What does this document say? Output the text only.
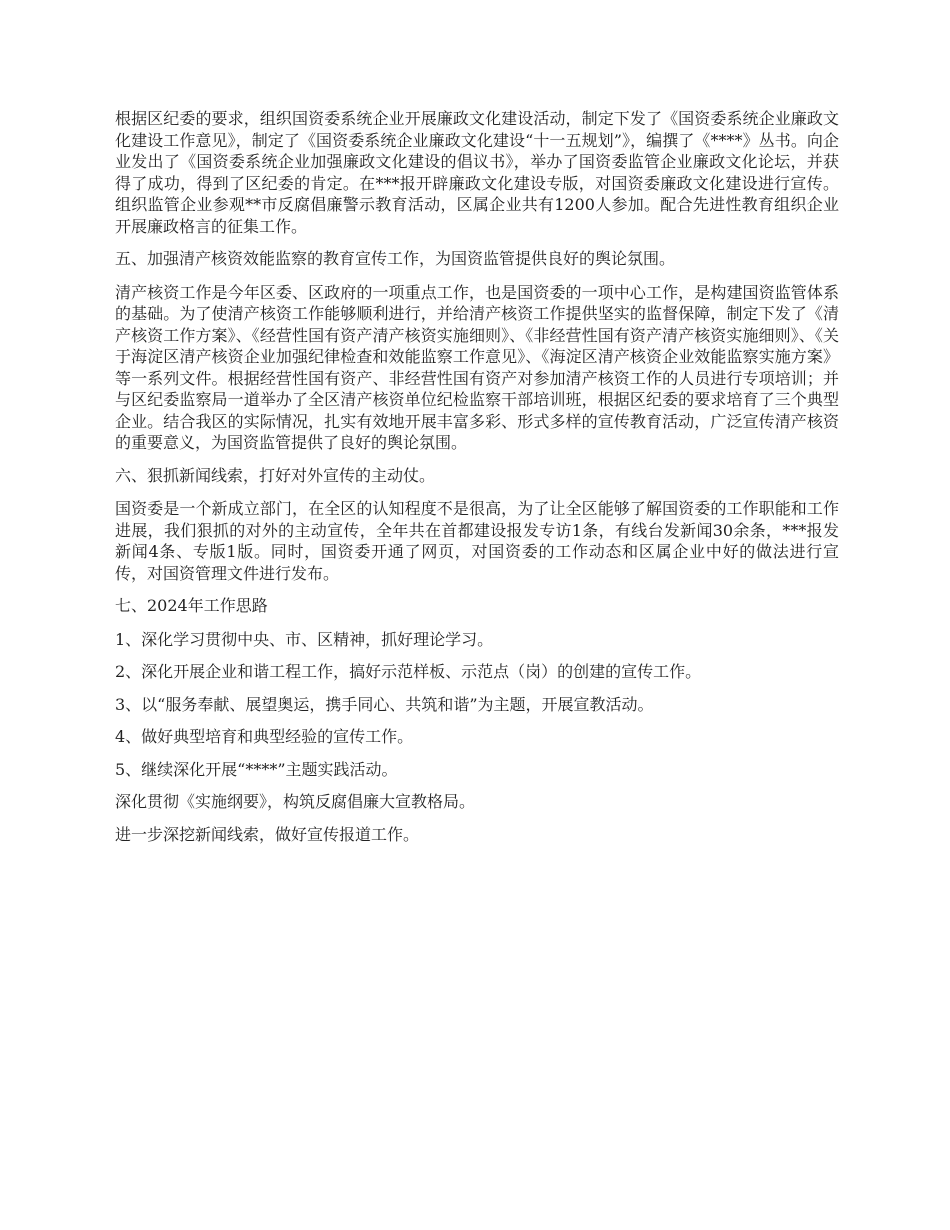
根据区纪委的要求，组织国资委系统企业开展廉政文化建设活动，制定下发了《国资委系统企业廉政文化建设工作意见》，制定了《国资委系统企业廉政文化建设“十一五规划”》，编撰了《****》丛书。向企业发出了《国资委系统企业加强廉政文化建设的倡议书》，举办了国资委监管企业廉政文化论坛，并获得了成功，得到了区纪委的肯定。在***报开辟廉政文化建设专版，对国资委廉政文化建设进行宣传。组织监管企业参观**市反腐倡廉警示教育活动，区属企业共有1200人参加。配合先进性教育组织企业开展廉政格言的征集工作。

五、加强清产核资效能监察的教育宣传工作，为国资监管提供良好的舆论氛围。

清产核资工作是今年区委、区政府的一项重点工作，也是国资委的一项中心工作，是构建国资监管体系的基础。为了使清产核资工作能够顺利进行，并给清产核资工作提供坚实的监督保障，制定下发了《清产核资工作方案》、《经营性国有资产清产核资实施细则》、《非经营性国有资产清产核资实施细则》、《关于海淀区清产核资企业加强纪律检查和效能监察工作意见》、《海淀区清产核资企业效能监察实施方案》等一系列文件。根据经营性国有资产、非经营性国有资产对参加清产核资工作的人员进行专项培训；并与区纪委监察局一道举办了全区清产核资单位纪检监察干部培训班，根据区纪委的要求培育了三个典型企业。结合我区的实际情况，扎实有效地开展丰富多彩、形式多样的宣传教育活动，广泛宣传清产核资的重要意义，为国资监管提供了良好的舆论氛围。

六、狠抓新闻线索，打好对外宣传的主动仗。

国资委是一个新成立部门，在全区的认知程度不是很高，为了让全区能够了解国资委的工作职能和工作进展，我们狠抓的对外的主动宣传，全年共在首都建设报发专访1条，有线台发新闻30余条，***报发新闻4条、专版1版。同时，国资委开通了网页，对国资委的工作动态和区属企业中好的做法进行宣传，对国资管理文件进行发布。

七、2024年工作思路

1、深化学习贯彻中央、市、区精神，抓好理论学习。

2、深化开展企业和谐工程工作，搞好示范样板、示范点（岗）的创建的宣传工作。

3、以“服务奉献、展望奥运，携手同心、共筑和谐”为主题，开展宣教活动。

4、做好典型培育和典型经验的宣传工作。

5、继续深化开展“****”主题实践活动。

深化贯彻《实施纲要》，构筑反腐倡廉大宣教格局。

进一步深挖新闻线索，做好宣传报道工作。
